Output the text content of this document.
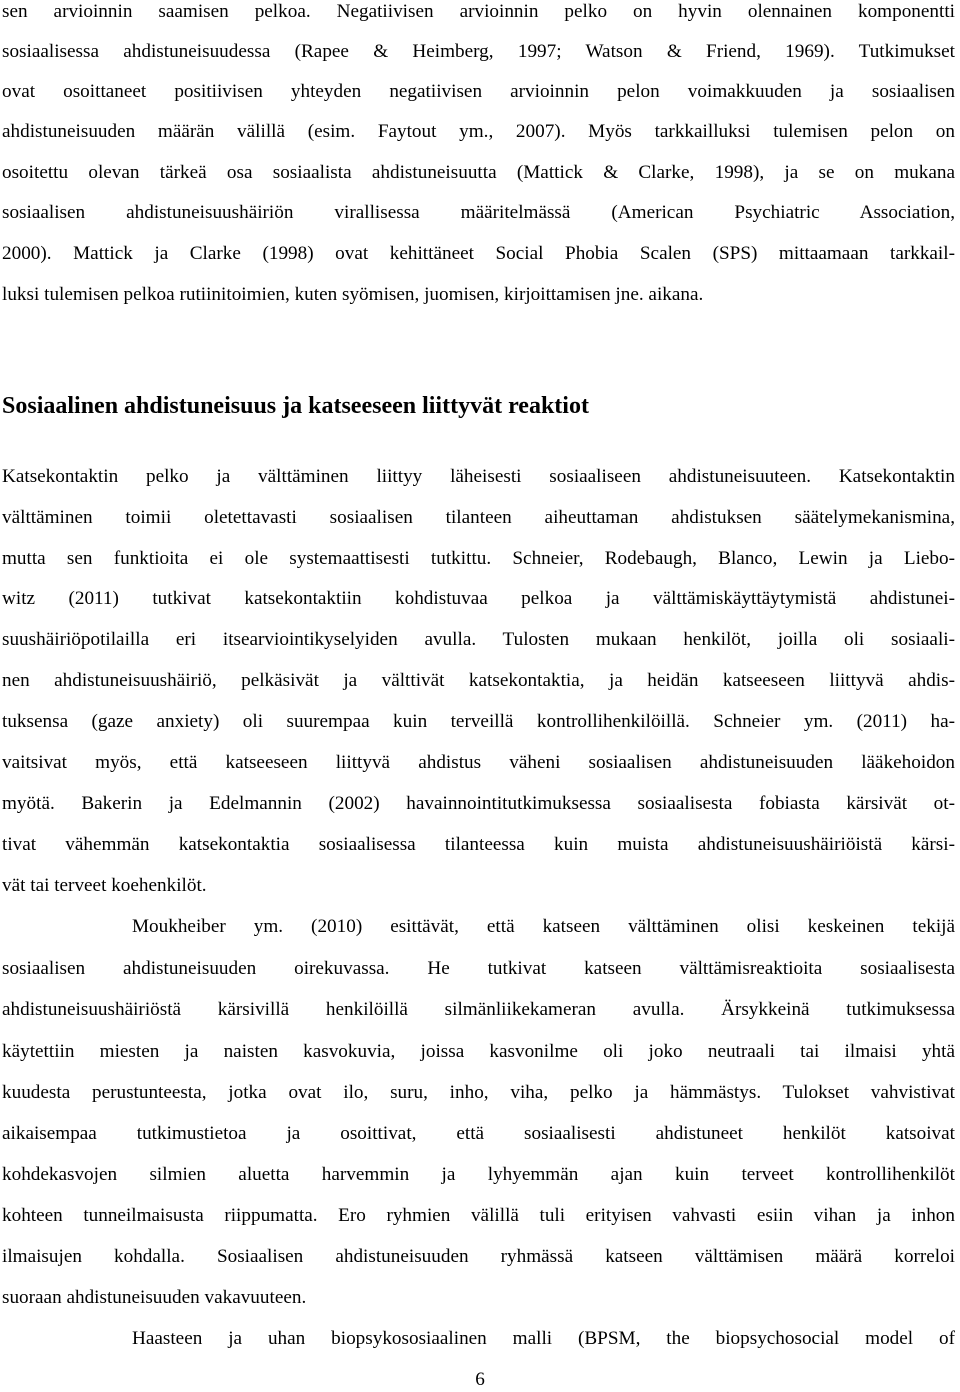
sen arvioinnin saamisen pelkoa. Negatiivisen arvioinnin pelko on hyvin olennainen komponentti
sosiaalisessa ahdistuneisuudessa (Rapee & Heimberg, 1997; Watson & Friend, 1969). Tutkimukset
ovat osoittaneet positiivisen yhteyden negatiivisen arvioinnin pelon voimakkuuden ja sosiaalisen
ahdistuneisuuden määrän välillä (esim. Faytout ym., 2007). Myös tarkkailluksi tulemisen pelon on
osoitettu olevan tärkeä osa sosiaalista ahdistuneisuutta (Mattick & Clarke, 1998), ja se on mukana
sosiaalisen ahdistuneisuushäiriön virallisessa määritelmässä (American Psychiatric Association,
2000). Mattick ja Clarke (1998) ovat kehittäneet Social Phobia Scalen (SPS) mittaamaan tarkkail-
luksi tulemisen pelkoa rutiinitoimien, kuten syömisen, juomisen, kirjoittamisen jne. aikana.
Sosiaalinen ahdistuneisuus ja katseeseen liittyvät reaktiot
Katsekontaktin pelko ja välttäminen liittyy läheisesti sosiaaliseen ahdistuneisuuteen. Katsekontaktin
välttäminen toimii oletettavasti sosiaalisen tilanteen aiheuttaman ahdistuksen säätelymekanismina,
mutta sen funktioita ei ole systemaattisesti tutkittu. Schneier, Rodebaugh, Blanco, Lewin ja Liebo-
witz (2011) tutkivat katsekontaktiin kohdistuvaa pelkoa ja välttämiskäyttäytymistä ahdistunei-
suushäiriöpotilailla eri itsearviointikyselyiden avulla. Tulosten mukaan henkilöt, joilla oli sosiaali-
nen ahdistuneisuushäiriö, pelkäsivät ja välttivät katsekontaktia, ja heidän katseeseen liittyvä ahdis-
tuksensa (gaze anxiety) oli suurempaa kuin terveillä kontrollihenkilöillä. Schneier ym. (2011) ha-
vaitsivat myös, että katseeseen liittyvä ahdistus väheni sosiaalisen ahdistuneisuuden lääkehoidon
myötä. Bakerin ja Edelmannin (2002) havainnointitutkimuksessa sosiaalisesta fobiasta kärsivät ot-
tivat vähemmän katsekontaktia sosiaalisessa tilanteessa kuin muista ahdistuneisuushäiriöistä kärsi-
vät tai terveet koehenkilöt.
Moukheiber ym. (2010) esittävät, että katseen välttäminen olisi keskeinen tekijä
sosiaalisen ahdistuneisuuden oirekuvassa. He tutkivat katseen välttämisreaktioita sosiaalisesta
ahdistuneisuushäiriöstä kärsivillä henkilöillä silmänliikekameran avulla. Ärsykkeinä tutkimuksessa
käytettiin miesten ja naisten kasvokuvia, joissa kasvonilme oli joko neutraali tai ilmaisi yhtä
kuudesta perustunteesta, jotka ovat ilo, suru, inho, viha, pelko ja hämmästys. Tulokset vahvistivat
aikaisempaa tutkimustietoa ja osoittivat, että sosiaalisesti ahdistuneet henkilöt katsoivat
kohdekasvojen silmien aluetta harvemmin ja lyhyemmän ajan kuin terveet kontrollihenkilöt
kohteen tunneilmaisusta riippumatta. Ero ryhmien välillä tuli erityisen vahvasti esiin vihan ja inhon
ilmaisujen kohdalla. Sosiaalisen ahdistuneisuuden ryhmässä katseen välttämisen määrä korreloi
suoraan ahdistuneisuuden vakavuuteen.
Haasteen ja uhan biopsykososiaalinen malli (BPSM, the biopsychosocial model of
6
